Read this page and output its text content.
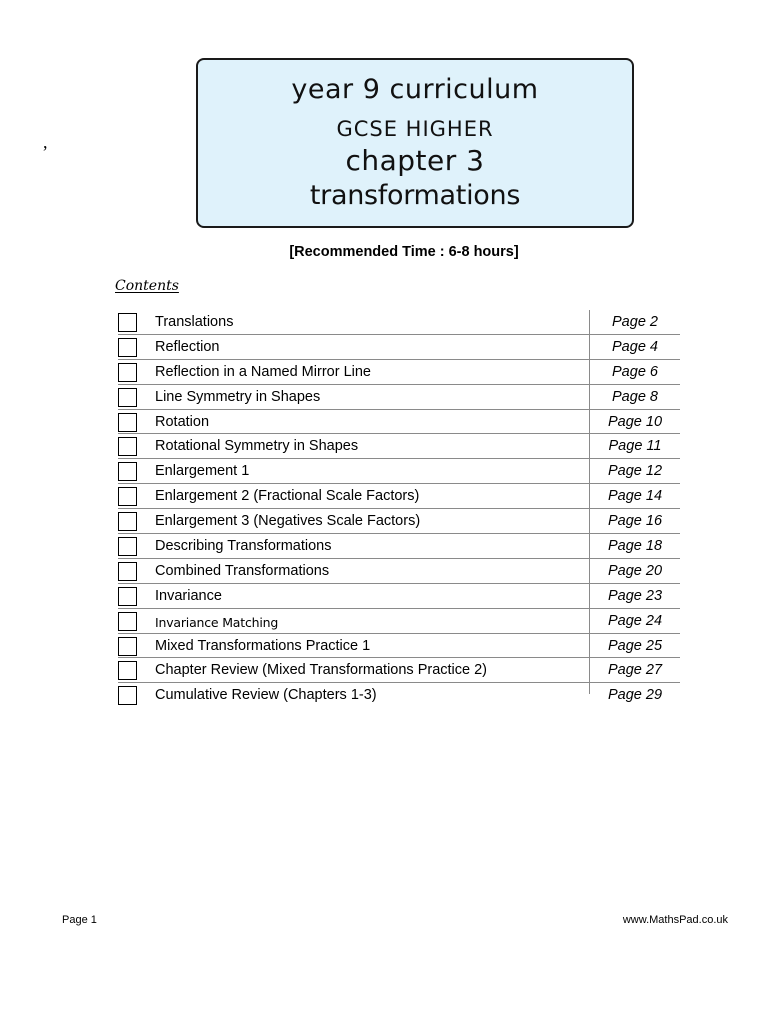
,
year 9 curriculum
GCSE HIGHER
chapter 3
transformations
[Recommended Time : 6-8 hours]
Contents
Translations	Page 2
Reflection	Page 4
Reflection in a Named Mirror Line	Page 6
Line Symmetry in Shapes	Page 8
Rotation	Page 10
Rotational Symmetry in Shapes	Page 11
Enlargement 1	Page 12
Enlargement 2 (Fractional Scale Factors)	Page 14
Enlargement 3 (Negatives Scale Factors)	Page 16
Describing Transformations	Page 18
Combined Transformations	Page 20
Invariance	Page 23
Invariance Matching	Page 24
Mixed Transformations Practice 1	Page 25
Chapter Review (Mixed Transformations Practice 2)	Page 27
Cumulative Review (Chapters 1-3)	Page 29
Page 1	www.MathsPad.co.uk
